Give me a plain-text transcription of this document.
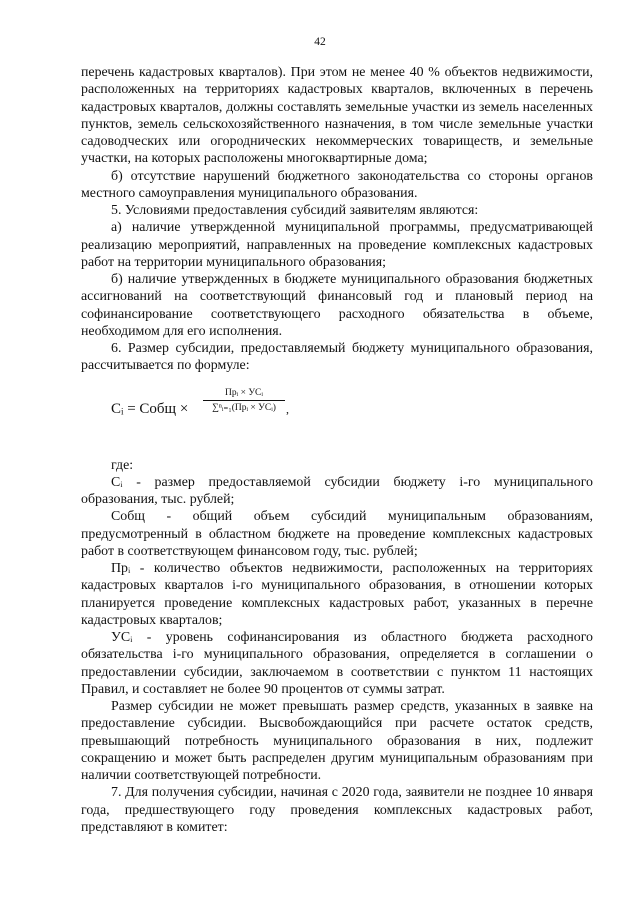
42

перечень кадастровых кварталов). При этом не менее 40 % объектов недвижимости, расположенных на территориях кадастровых кварталов, включенных в перечень кадастровых кварталов, должны составлять земельные участки из земель населенных пунктов, земель сельскохозяйственного назначения, в том числе земельные участки садоводческих или огороднических некоммерческих товариществ, и земельные участки, на которых расположены многоквартирные дома;

б) отсутствие нарушений бюджетного законодательства со стороны органов местного самоуправления муниципального образования.

5. Условиями предоставления субсидий заявителям являются:

а) наличие утвержденной муниципальной программы, предусматривающей реализацию мероприятий, направленных на проведение комплексных кадастровых работ на территории муниципального образования;

б) наличие утвержденных в бюджете муниципального образования бюджетных ассигнований на соответствующий финансовый год и плановый период на софинансирование соответствующего расходного обязательства в объеме, необходимом для его исполнения.

6. Размер субсидии, предоставляемый бюджету муниципального образования, рассчитывается по формуле:

Cᵢ = Cобщ ×
Прᵢ × УСᵢ
∑ⁿᵢ₌₁(Прᵢ × УСᵢ) ,

где:

Cᵢ - размер предоставляемой субсидии бюджету i-го муниципального образования, тыс. рублей;

Cобщ - общий объем субсидий муниципальным образованиям, предусмотренный в областном бюджете на проведение комплексных кадастровых работ в соответствующем финансовом году, тыс. рублей;

Прᵢ - количество объектов недвижимости, расположенных на территориях кадастровых кварталов i-го муниципального образования, в отношении которых планируется проведение комплексных кадастровых работ, указанных в перечне кадастровых кварталов;

УCᵢ - уровень софинансирования из областного бюджета расходного обязательства i-го муниципального образования, определяется в соглашении о предоставлении субсидии, заключаемом в соответствии с пунктом 11 настоящих Правил, и составляет не более 90 процентов от суммы затрат.

Размер субсидии не может превышать размер средств, указанных в заявке на предоставление субсидии. Высвобождающийся при расчете остаток средств, превышающий потребность муниципального образования в них, подлежит сокращению и может быть распределен другим муниципальным образованиям при наличии соответствующей потребности.

7. Для получения субсидии, начиная с 2020 года, заявители не позднее 10 января года, предшествующего году проведения комплексных кадастровых работ, представляют в комитет:
